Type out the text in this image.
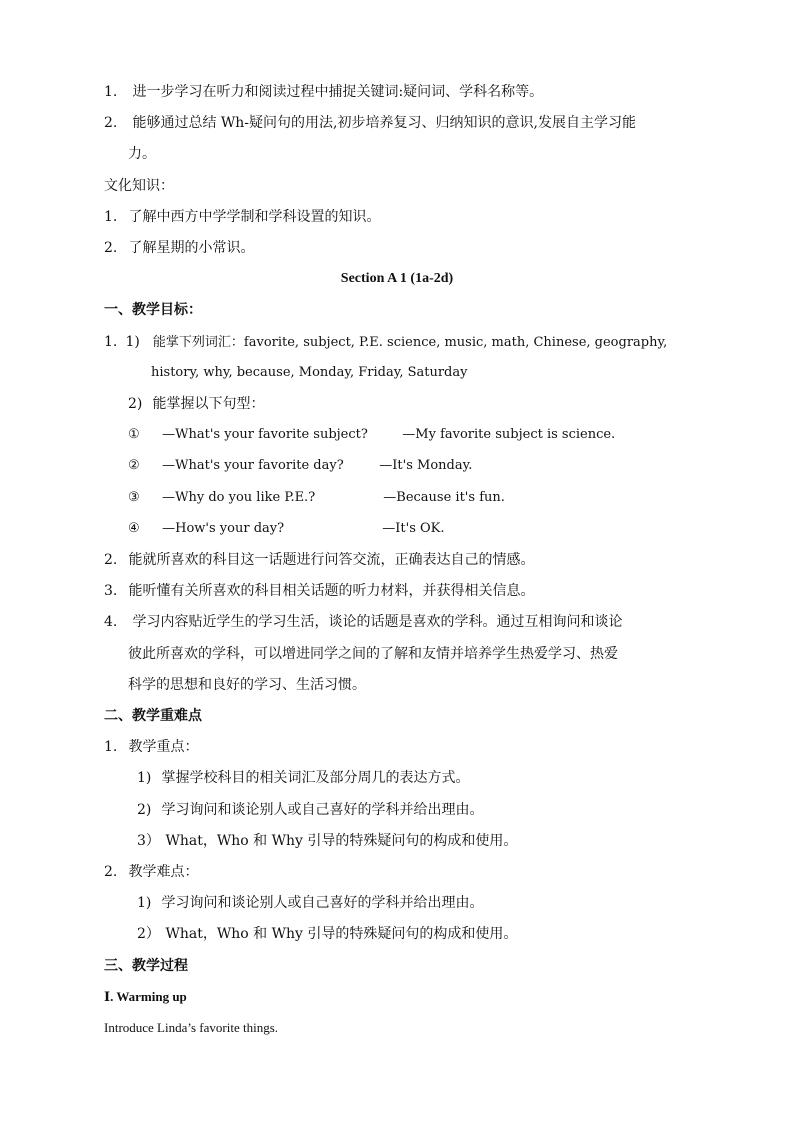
1. 进一步学习在听力和阅读过程中捕捉关键词:疑问词、学科名称等。
2. 能够通过总结 Wh-疑问句的用法,初步培养复习、归纳知识的意识,发展自主学习能
力。
文化知识：
1. 了解中西方中学学制和学科设置的知识。
2. 了解星期的小常识。
Section A 1 (1a-2d)
一、教学目标：
1. 1) 能掌下列词汇：favorite, subject, P.E. science, music, math, Chinese, geography,
history, why, because, Monday, Friday, Saturday
2) 能掌握以下句型：
① —What's your favorite subject?	—My favorite subject is science.
② —What's your favorite day?	—It's Monday.
③ —Why do you like P.E.?	—Because it's fun.
④ —How's your day?	—It's OK.
2. 能就所喜欢的科目这一话题进行问答交流，正确表达自己的情感。
3. 能听懂有关所喜欢的科目相关话题的听力材料，并获得相关信息。
4. 学习内容贴近学生的学习生活，谈论的话题是喜欢的学科。通过互相询问和谈论
彼此所喜欢的学科，可以增进同学之间的了解和友情并培养学生热爱学习、热爱
科学的思想和良好的学习、生活习惯。
二、教学重难点
1. 教学重点：
1) 掌握学校科目的相关词汇及部分周几的表达方式。
2) 学习询问和谈论别人或自己喜好的学科并给出理由。
3） What，Who 和 Why 引导的特殊疑问句的构成和使用。
2. 教学难点：
1) 学习询问和谈论别人或自己喜好的学科并给出理由。
2） What，Who 和 Why 引导的特殊疑问句的构成和使用。
三、教学过程
Ⅰ. Warming up
Introduce Linda’s favorite things.
